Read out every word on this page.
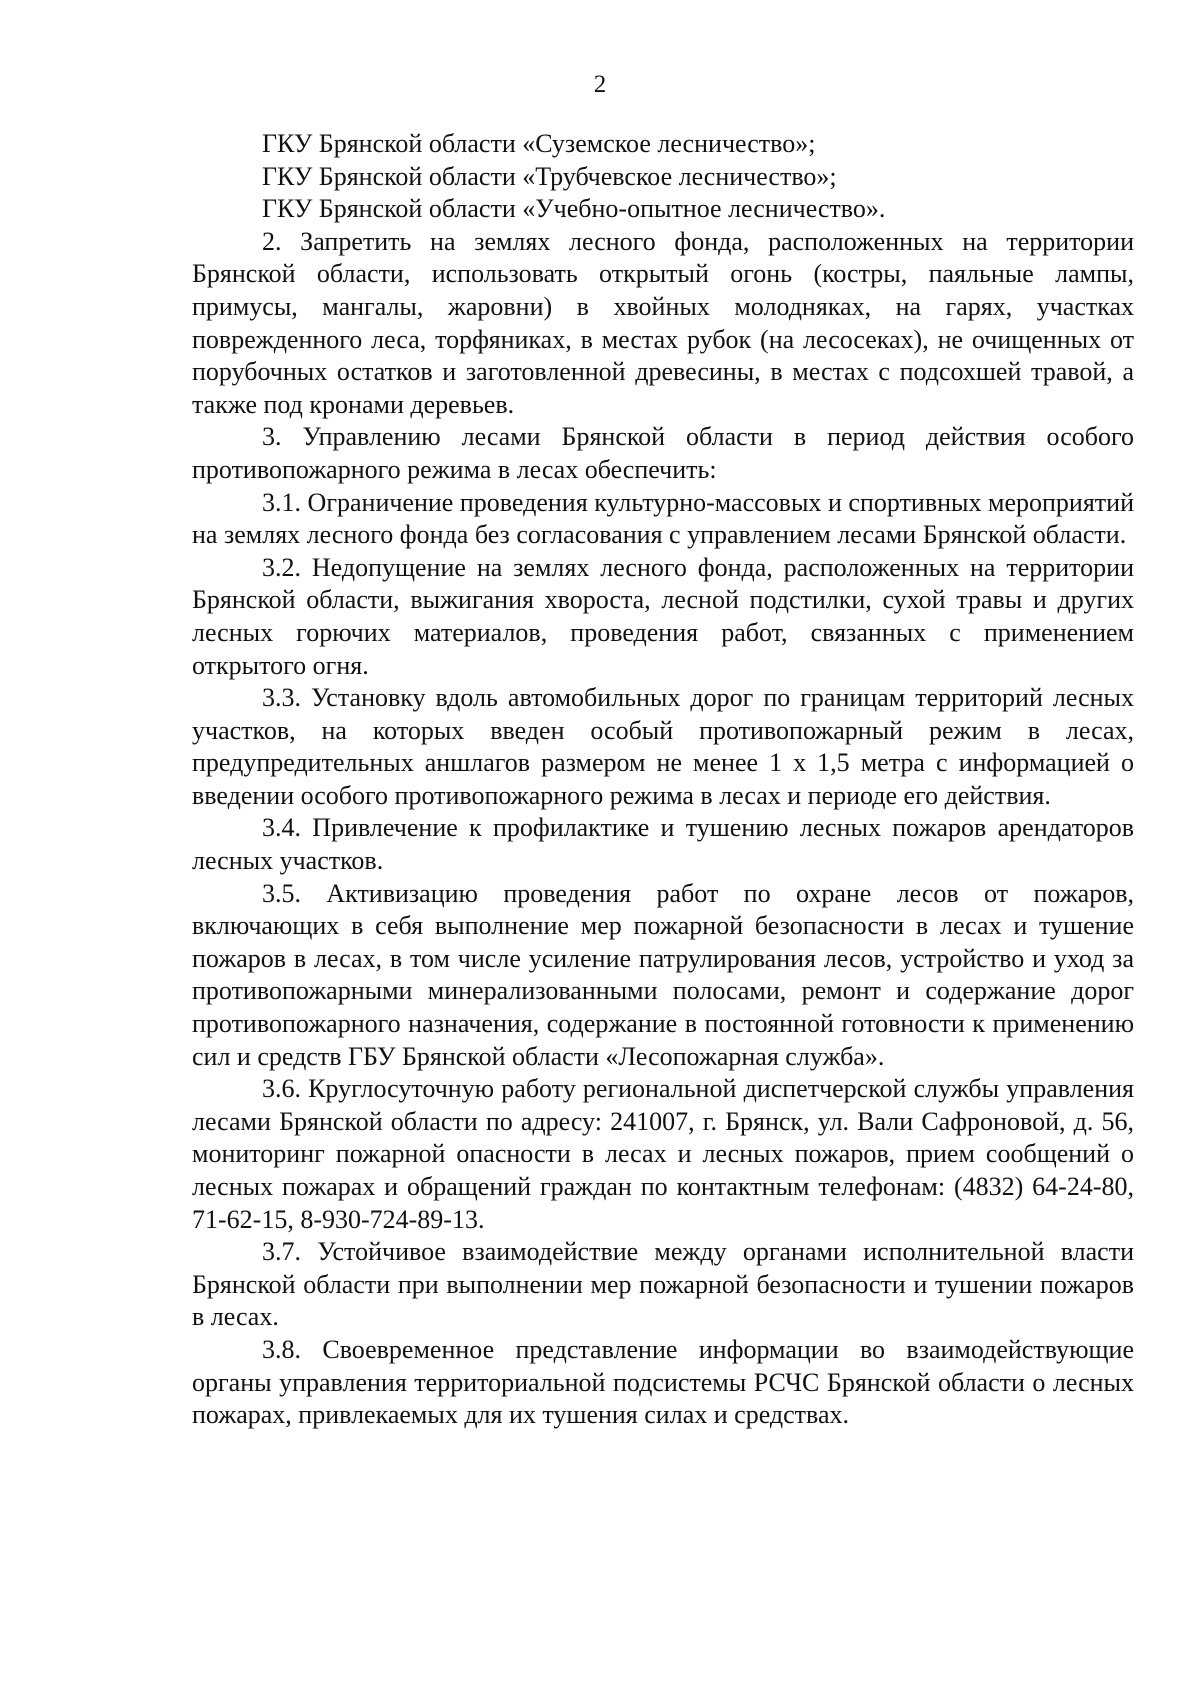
2

ГКУ Брянской области «Суземское лесничество»;

ГКУ Брянской области «Трубчевское лесничество»;

ГКУ Брянской области «Учебно-опытное лесничество».

2. Запретить на землях лесного фонда, расположенных на территории Брянской области, использовать открытый огонь (костры, паяльные лампы, примусы, мангалы, жаровни) в хвойных молодняках, на гарях, участках поврежденного леса, торфяниках, в местах рубок (на лесосеках), не очищенных от порубочных остатков и заготовленной древесины, в местах с подсохшей травой, а также под кронами деревьев.

3. Управлению лесами Брянской области в период действия особого противопожарного режима в лесах обеспечить:

3.1. Ограничение проведения культурно-массовых и спортивных мероприятий на землях лесного фонда без согласования с управлением лесами Брянской области.

3.2. Недопущение на землях лесного фонда, расположенных на территории Брянской области, выжигания хвороста, лесной подстилки, сухой травы и других лесных горючих материалов, проведения работ, связанных с применением открытого огня.

3.3. Установку вдоль автомобильных дорог по границам территорий лесных участков, на которых введен особый противопожарный режим в лесах, предупредительных аншлагов размером не менее 1 х 1,5 метра с информацией о введении особого противопожарного режима в лесах и периоде его действия.

3.4. Привлечение к профилактике и тушению лесных пожаров арендаторов лесных участков.

3.5. Активизацию проведения работ по охране лесов от пожаров, включающих в себя выполнение мер пожарной безопасности в лесах и тушение пожаров в лесах, в том числе усиление патрулирования лесов, устройство и уход за противопожарными минерализованными полосами, ремонт и содержание дорог противопожарного назначения, содержание в постоянной готовности к применению сил и средств ГБУ Брянской области «Лесопожарная служба».

3.6. Круглосуточную работу региональной диспетчерской службы управления лесами Брянской области по адресу: 241007, г. Брянск, ул. Вали Сафроновой, д. 56, мониторинг пожарной опасности в лесах и лесных пожаров, прием сообщений о лесных пожарах и обращений граждан по контактным телефонам: (4832) 64-24-80, 71-62-15, 8-930-724-89-13.

3.7. Устойчивое взаимодействие между органами исполнительной власти Брянской области при выполнении мер пожарной безопасности и тушении пожаров в лесах.

3.8. Своевременное представление информации во взаимодействующие органы управления территориальной подсистемы РСЧС Брянской области о лесных пожарах, привлекаемых для их тушения силах и средствах.
